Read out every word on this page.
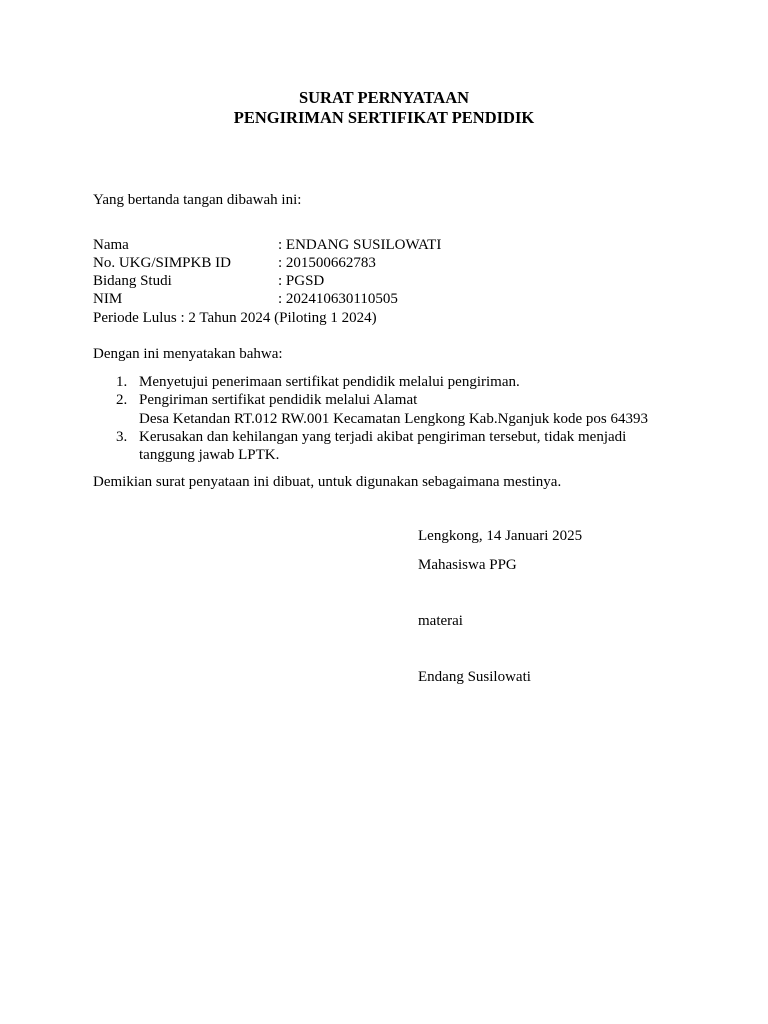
SURAT PERNYATAAN

PENGIRIMAN SERTIFIKAT PENDIDIK

Yang bertanda tangan dibawah ini:

Nama	: ENDANG SUSILOWATI

No. UKG/SIMPKB ID	: 201500662783

Bidang Studi	: PGSD

NIM	: 202410630110505

Periode Lulus : 2 Tahun 2024 (Piloting 1 2024)

Dengan ini menyatakan bahwa:

1. Menyetujui penerimaan sertifikat pendidik melalui pengiriman.

2. Pengiriman sertifikat pendidik melalui Alamat

Desa Ketandan RT.012 RW.001 Kecamatan Lengkong Kab.Nganjuk kode pos 64393

3. Kerusakan dan kehilangan yang terjadi akibat pengiriman tersebut, tidak menjadi

tanggung jawab LPTK.

Demikian surat penyataan ini dibuat, untuk digunakan sebagaimana mestinya.

Lengkong, 14 Januari 2025

Mahasiswa PPG

materai

Endang Susilowati
